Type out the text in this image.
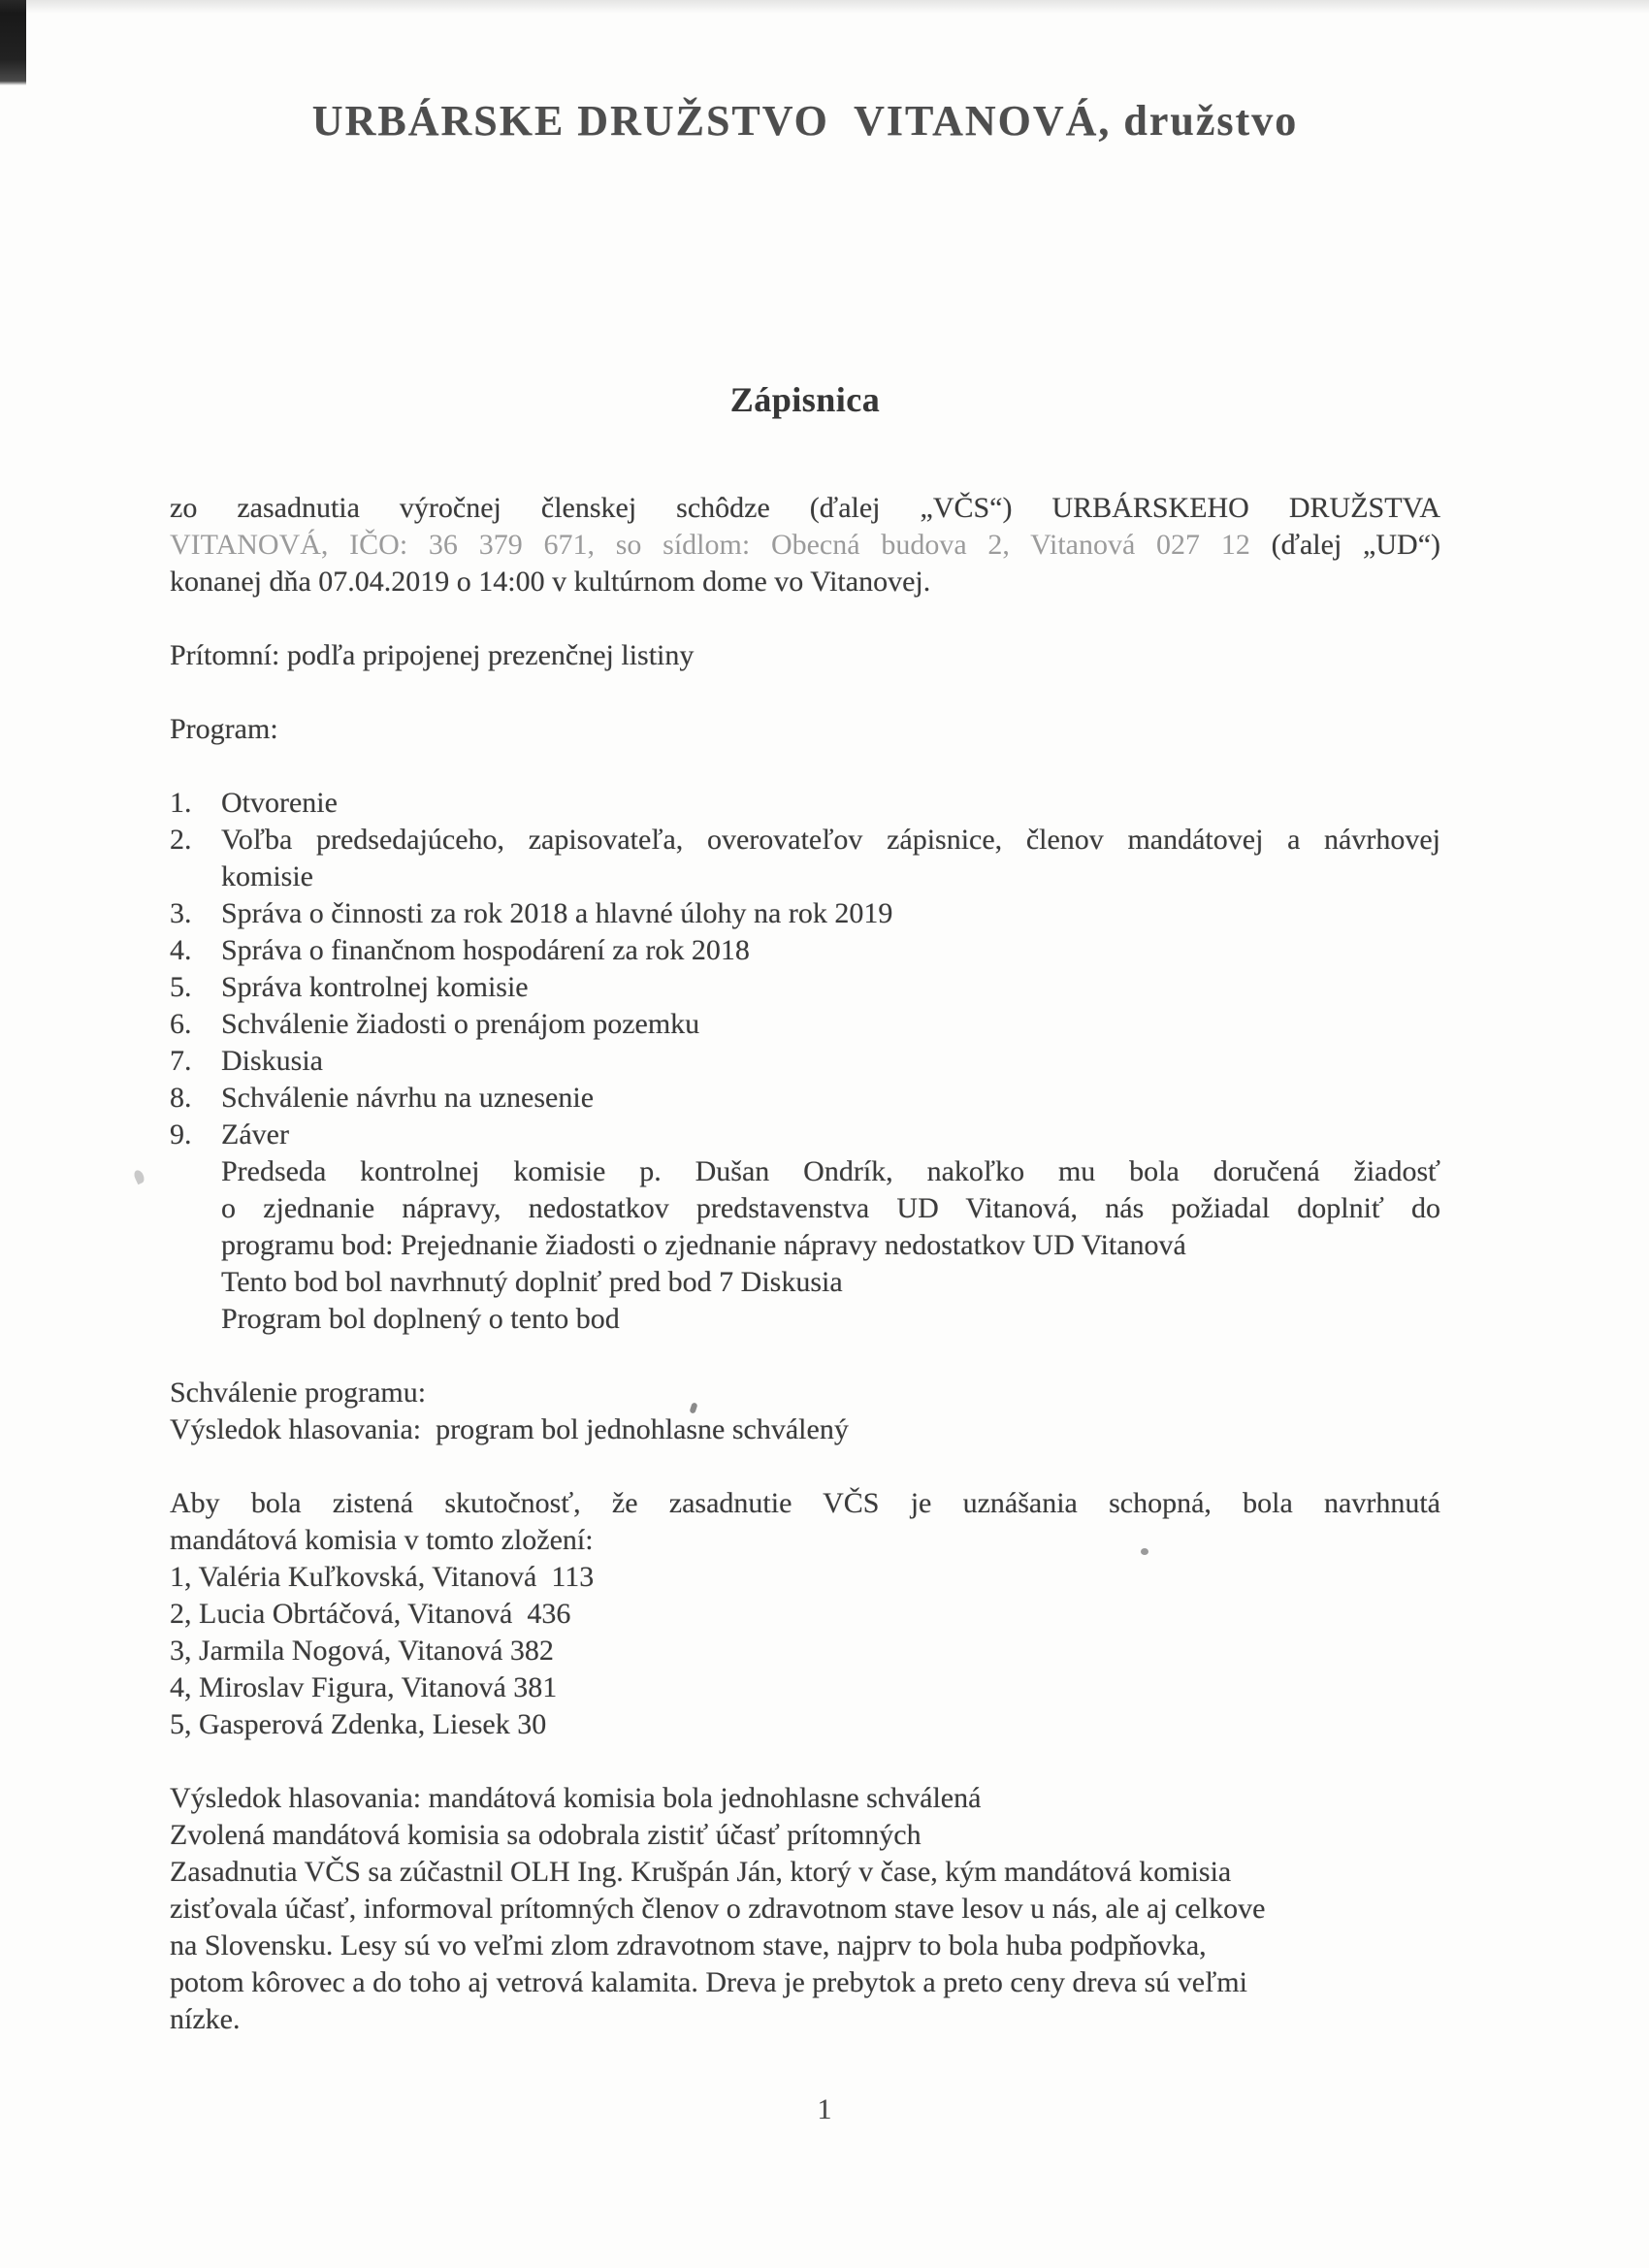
URBÁRSKE DRUŽSTVO  VITANOVÁ, družstvo
Zápisnica
zo zasadnutia výročnej členskej schôdze (ďalej „VČS“) URBÁRSKEHO DRUŽSTVA
VITANOVÁ, IČO: 36 379 671, so sídlom: Obecná budova 2, Vitanová 027 12 (ďalej „UD“)
konanej dňa 07.04.2019 o 14:00 v kultúrnom dome vo Vitanovej.
Prítomní: podľa pripojenej prezenčnej listiny
Program:
1.	Otvorenie
2.	Voľba predsedajúceho, zapisovateľa, overovateľov zápisnice, členov mandátovej a návrhovej
komisie
3.	Správa o činnosti za rok 2018 a hlavné úlohy na rok 2019
4.	Správa o finančnom hospodárení za rok 2018
5.	Správa kontrolnej komisie
6.	Schválenie žiadosti o prenájom pozemku
7.	Diskusia
8.	Schválenie návrhu na uznesenie
9.	Záver
Predseda kontrolnej komisie p. Dušan Ondrík, nakoľko mu bola doručená žiadosť
o zjednanie nápravy, nedostatkov predstavenstva UD Vitanová, nás požiadal doplniť do
programu bod: Prejednanie žiadosti o zjednanie nápravy nedostatkov UD Vitanová
Tento bod bol navrhnutý doplniť pred bod 7 Diskusia
Program bol doplnený o tento bod
Schválenie programu:
Výsledok hlasovania:  program bol jednohlasne schválený
Aby bola zistená skutočnosť, že zasadnutie VČS je uznášania schopná, bola navrhnutá
mandátová komisia v tomto zložení:
1, Valéria Kuľkovská, Vitanová  113
2, Lucia Obrtáčová, Vitanová  436
3, Jarmila Nogová, Vitanová 382
4, Miroslav Figura, Vitanová 381
5, Gasperová Zdenka, Liesek 30
Výsledok hlasovania: mandátová komisia bola jednohlasne schválená
Zvolená mandátová komisia sa odobrala zistiť účasť prítomných
Zasadnutia VČS sa zúčastnil OLH Ing. Krušpán Ján, ktorý v čase, kým mandátová komisia
zisťovala účasť, informoval prítomných členov o zdravotnom stave lesov u nás, ale aj celkove
na Slovensku. Lesy sú vo veľmi zlom zdravotnom stave, najprv to bola huba podpňovka,
potom kôrovec a do toho aj vetrová kalamita. Dreva je prebytok a preto ceny dreva sú veľmi
nízke.
1
